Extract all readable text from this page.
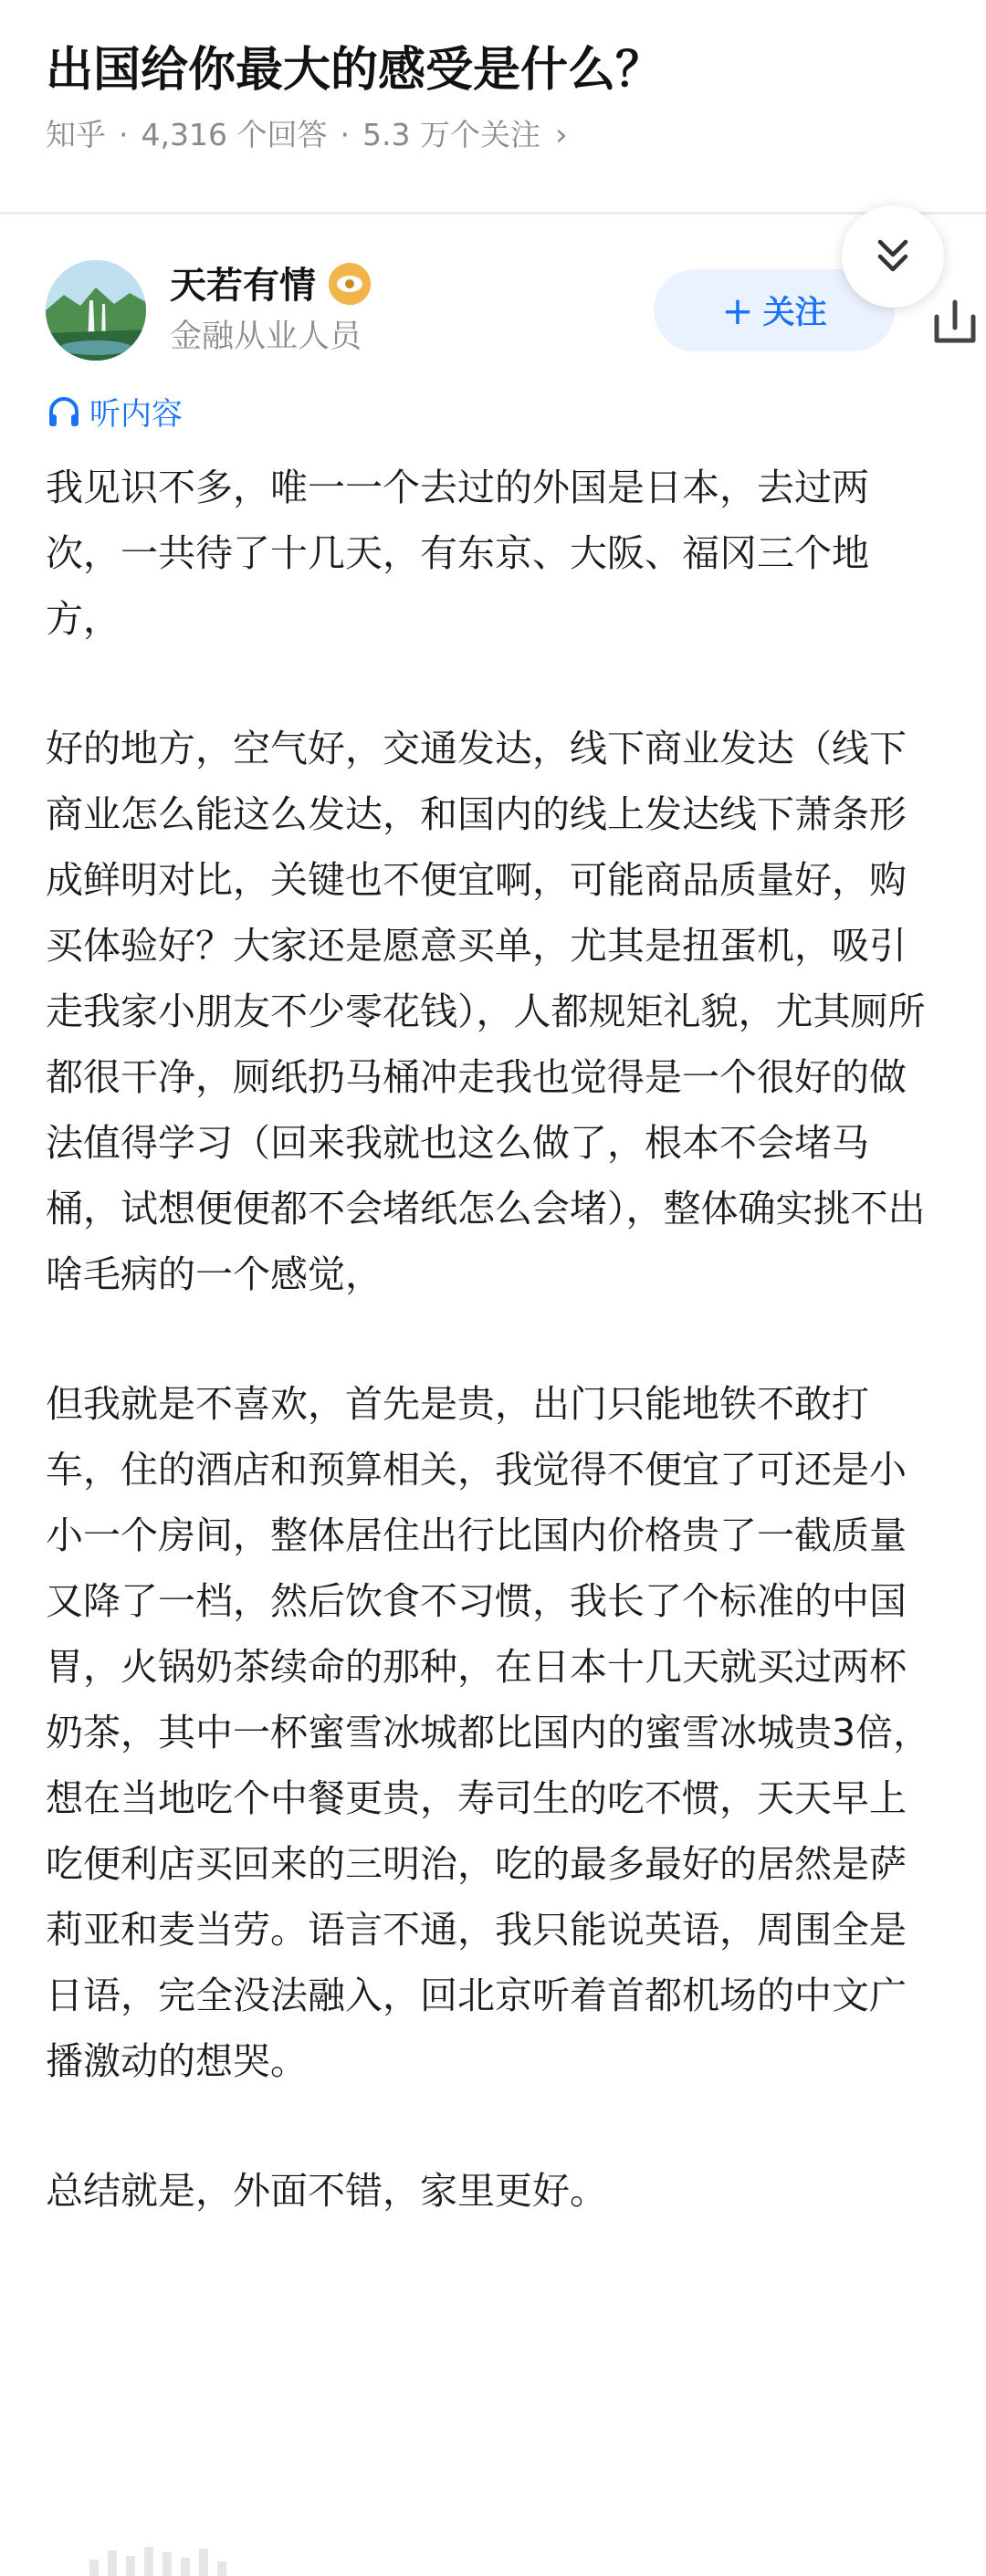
出国给你最大的感受是什么？
知乎 · 4,316 个回答 · 5.3 万个关注 ›
天若有情
金融从业人员
+ 关注
听内容

我见识不多，唯一一个去过的外国是日本，去过两次，一共待了十几天，有东京、大阪、福冈三个地方，

好的地方，空气好，交通发达，线下商业发达（线下商业怎么能这么发达，和国内的线上发达线下萧条形成鲜明对比，关键也不便宜啊，可能商品质量好，购买体验好？大家还是愿意买单，尤其是扭蛋机，吸引走我家小朋友不少零花钱），人都规矩礼貌，尤其厕所都很干净，厕纸扔马桶冲走我也觉得是一个很好的做法值得学习（回来我就也这么做了，根本不会堵马桶，试想便便都不会堵纸怎么会堵），整体确实挑不出啥毛病的一个感觉，

但我就是不喜欢，首先是贵，出门只能地铁不敢打车，住的酒店和预算相关，我觉得不便宜了可还是小小一个房间，整体居住出行比国内价格贵了一截质量又降了一档，然后饮食不习惯，我长了个标准的中国胃，火锅奶茶续命的那种，在日本十几天就买过两杯奶茶，其中一杯蜜雪冰城都比国内的蜜雪冰城贵3倍，想在当地吃个中餐更贵，寿司生的吃不惯，天天早上吃便利店买回来的三明治，吃的最多最好的居然是萨莉亚和麦当劳。语言不通，我只能说英语，周围全是日语，完全没法融入，回北京听着首都机场的中文广播激动的想哭。

总结就是，外面不错，家里更好。
